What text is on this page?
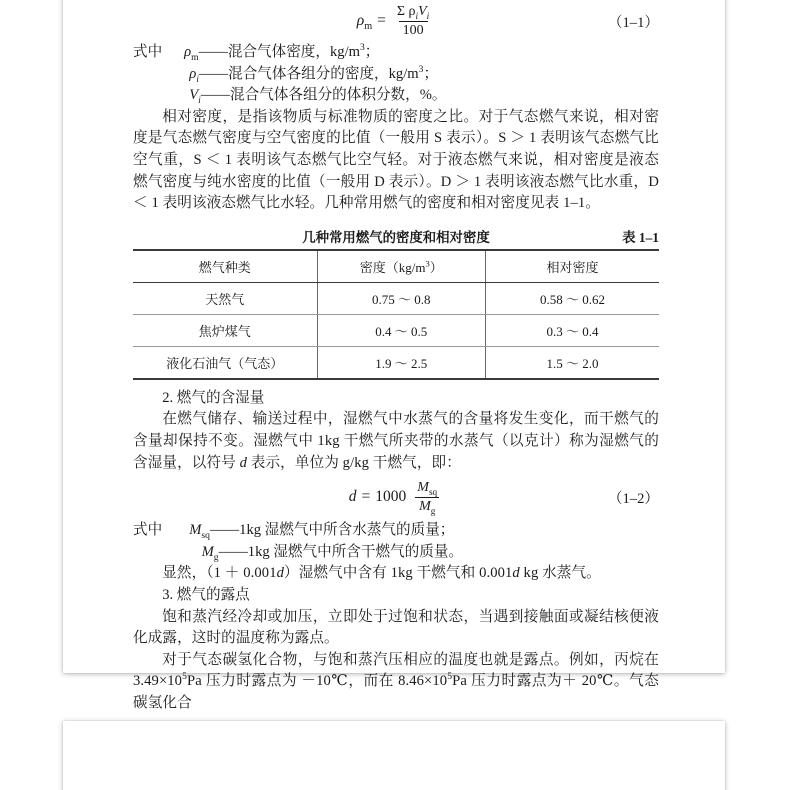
$\rho_m = \frac{\Sigma \rho_iV_i}{100}$	（1–1）
式中 $\rho_m——$混合气体密度，$kg/m^3$；
$\rho_i——$混合气体各组分的密度，$kg/m^3$；
$V_i——$混合气体各组分的体积分数，%。

相对密度，是指该物质与标准物质的密度之比。对于气态燃气来说，相对密度是气态燃气密度与空气密度的比值（一般用 S 表示）。S ＞ 1 表明该气态燃气比空气重，S ＜ 1 表明该气态燃气比空气轻。对于液态燃气来说，相对密度是液态燃气密度与纯水密度的比值（一般用 D 表示）。D ＞ 1 表明该液态燃气比水重，D ＜ 1 表明该液态燃气比水轻。几种常用燃气的密度和相对密度见表 1–1。

几种常用燃气的密度和相对密度	表 1–1
燃气种类	密度$(kg/m^3)$	相对密度
天然气	0.75 ～ 0.8	0.58 ～ 0.62
焦炉煤气	0.4 ～ 0.5	0.3 ～ 0.4
液化石油气（气态）	1.9 ～ 2.5	1.5 ～ 2.0

2. 燃气的含湿量

在燃气储存、输送过程中，湿燃气中水蒸气的含量将发生变化，而干燃气的含量却保持不变。湿燃气中 1kg 干燃气所夹带的水蒸气（以克计）称为湿燃气的含湿量，以符号 d 表示，单位为 g/kg 干燃气，即：

$d = 1000 \frac{M_{sq}}{M_g}$	（1–2）
式中 $M_{sq}——1kg$ 湿燃气中所含水蒸气的质量；
$M_g——1kg$ 湿燃气中所含干燃气的质量。

显然，（1 ＋ 0.001d）湿燃气中含有 1kg 干燃气和 0.001d kg 水蒸气。

3. 燃气的露点

饱和蒸汽经冷却或加压，立即处于过饱和状态，当遇到接触面或凝结核便液化成露，这时的温度称为露点。

对于气态碳氢化合物，与饱和蒸汽压相应的温度也就是露点。例如，丙烷在 $3.49\times 10^5Pa$ 压力时露点为 －10℃，而在 $8.46\times 10^5Pa$ 压力时露点为＋ 20℃。气态碳氢化合
